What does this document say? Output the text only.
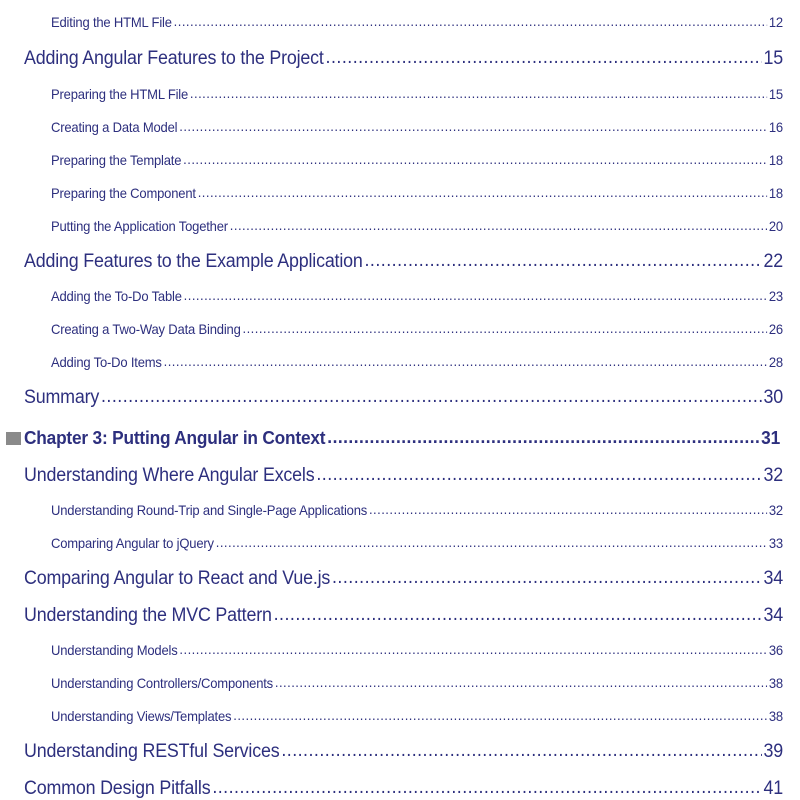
Editing the HTML File .....	12
Adding Angular Features to the Project .....	15
Preparing the HTML File .....	15
Creating a Data Model .....	16
Preparing the Template .....	18
Preparing the Component .....	18
Putting the Application Together .....	20
Adding Features to the Example Application .....	22
Adding the To-Do Table .....	23
Creating a Two-Way Data Binding .....	26
Adding To-Do Items .....	28
Summary .....	30
Chapter 3: Putting Angular in Context .....	31
Understanding Where Angular Excels .....	32
Understanding Round-Trip and Single-Page Applications .....	32
Comparing Angular to jQuery .....	33
Comparing Angular to React and Vue.js .....	34
Understanding the MVC Pattern .....	34
Understanding Models .....	36
Understanding Controllers/Components .....	38
Understanding Views/Templates .....	38
Understanding RESTful Services .....	39
Common Design Pitfalls .....	41
